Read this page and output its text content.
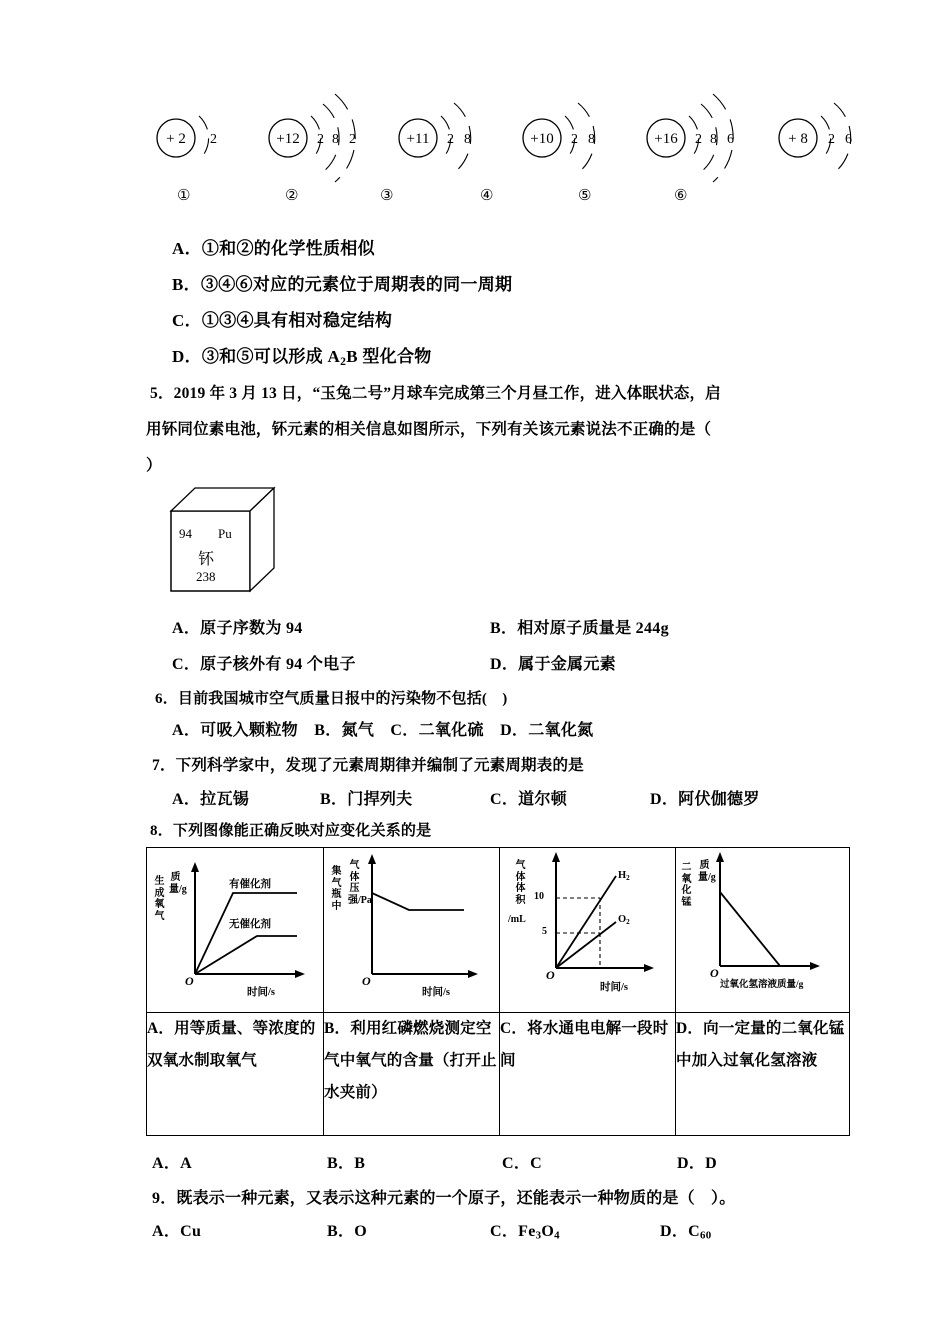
+ 2 2	+12 2 8 2	+11 2 8	+10 2 8	+16 2 8 6	+ 8 2 6
①	②	③	④	⑤	⑥
A．①和②的化学性质相似
B．③④⑥对应的元素位于周期表的同一周期
C．①③④具有相对稳定结构
D．③和⑤可以形成 $A_2B$ 型化合物
5．2019 年 3 月 13 日，“玉兔二号”月球车完成第三个月昼工作，进入体眠状态，启
用钚同位素电池，钚元素的相关信息如图所示，下列有关该元素说法不正确的是（
）
94 Pu
钚
238
A．原子序数为 94	B．相对原子质量是 244g
C．原子核外有 94 个电子	D．属于金属元素
6．目前我国城市空气质量日报中的污染物不包括(　)
A．可吸入颗粒物　B．氮气　C．二氧化硫　D．二氧化氮
7．下列科学家中，发现了元素周期律并编制了元素周期表的是
A．拉瓦锡	B．门捍列夫	C．道尔顿	D．阿伏伽德罗
8．下列图像能正确反映对应变化关系的是
生成氧气
质量/g	有催化剂
无催化剂
O
时间/s

集气瓶中
气体压强/Pa
O
时间/s

气体体积
/mL
10
5
$H_2$
$O_2$
O
时间/s

二氧化锰
质量/g
O
过氧化氢溶液质量/g

A．用等质量、等浓度的双氧水制取氧气	B．利用红磷燃烧测定空气中氧气的含量（打开止水夹前）	C．将水通电电解一段时间	D．向一定量的二氧化锰中加入过氧化氢溶液
A．A	B．B	C．C	D．D
9．既表示一种元素，又表示这种元素的一个原子，还能表示一种物质的是（　）。
A．Cu	B．O	C．$Fe_3O_4$	D．$C_{60}$
